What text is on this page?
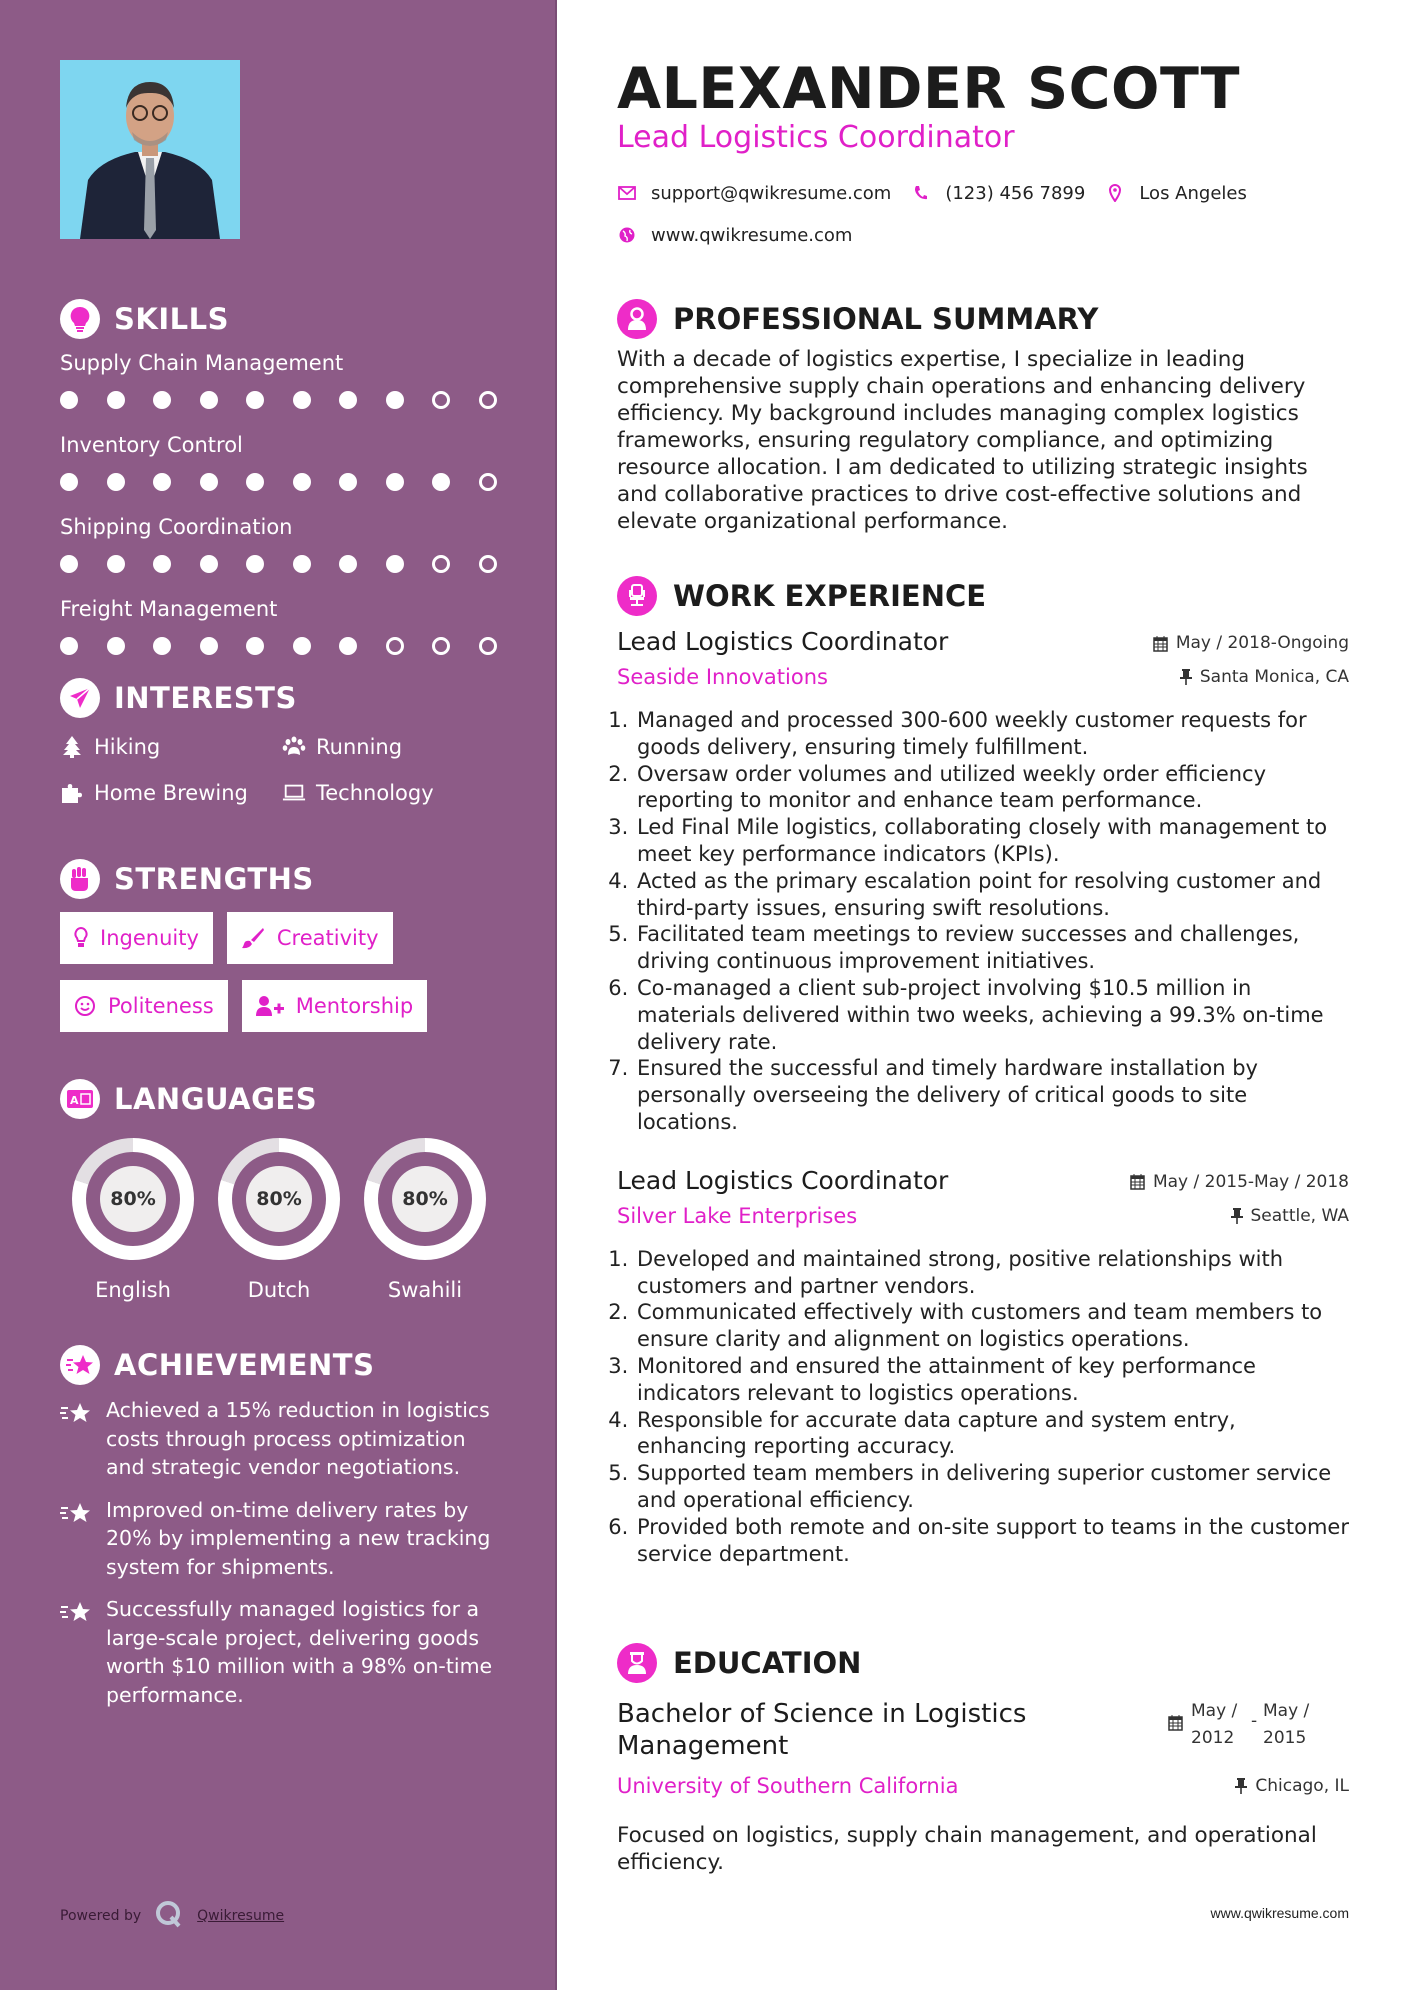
SKILLS
Supply Chain Management
Inventory Control
Shipping Coordination
Freight Management
INTERESTS
Hiking	Running
Home Brewing	Technology
STRENGTHS
Ingenuity	Creativity
Politeness	Mentorship
A LANGUAGES
80%
English
80%
Dutch
80%
Swahili
ACHIEVEMENTS
Achieved a 15% reduction in logistics costs through process optimization and strategic vendor negotiations.
Improved on-time delivery rates by 20% by implementing a new tracking system for shipments.
Successfully managed logistics for a large-scale project, delivering goods worth $10 million with a 98% on-time performance.
Powered by	Qwikresume
ALEXANDER SCOTT
Lead Logistics Coordinator
support@qwikresume.com	(123) 456 7899	Los Angeles
www.qwikresume.com
PROFESSIONAL SUMMARY

With a decade of logistics expertise, I specialize in leading comprehensive supply chain operations and enhancing delivery efficiency. My background includes managing complex logistics frameworks, ensuring regulatory compliance, and optimizing resource allocation. I am dedicated to utilizing strategic insights and collaborative practices to drive cost-effective solutions and elevate organizational performance.

WORK EXPERIENCE
Lead Logistics Coordinator
Seaside Innovations
May / 2018-Ongoing
Santa Monica, CA
1. Managed and processed 300-600 weekly customer requests for goods delivery, ensuring timely fulfillment.
2. Oversaw order volumes and utilized weekly order efficiency reporting to monitor and enhance team performance.
3. Led Final Mile logistics, collaborating closely with management to meet key performance indicators (KPIs).
4. Acted as the primary escalation point for resolving customer and third-party issues, ensuring swift resolutions.
5. Facilitated team meetings to review successes and challenges, driving continuous improvement initiatives.
6. Co-managed a client sub-project involving $10.5 million in materials delivered within two weeks, achieving a 99.3% on-time delivery rate.
7. Ensured the successful and timely hardware installation by personally overseeing the delivery of critical goods to site locations.
Lead Logistics Coordinator
Silver Lake Enterprises
May / 2015-May / 2018
Seattle, WA
1. Developed and maintained strong, positive relationships with customers and partner vendors.
2. Communicated effectively with customers and team members to ensure clarity and alignment on logistics operations.
3. Monitored and ensured the attainment of key performance indicators relevant to logistics operations.
4. Responsible for accurate data capture and system entry, enhancing reporting accuracy.
5. Supported team members in delivering superior customer service and operational efficiency.
6. Provided both remote and on-site support to teams in the customer service department.
EDUCATION
Bachelor of Science in Logistics Management
May /
2012
- May /
2015
University of Southern California	Chicago, IL

Focused on logistics, supply chain management, and operational efficiency.

www.qwikresume.com
